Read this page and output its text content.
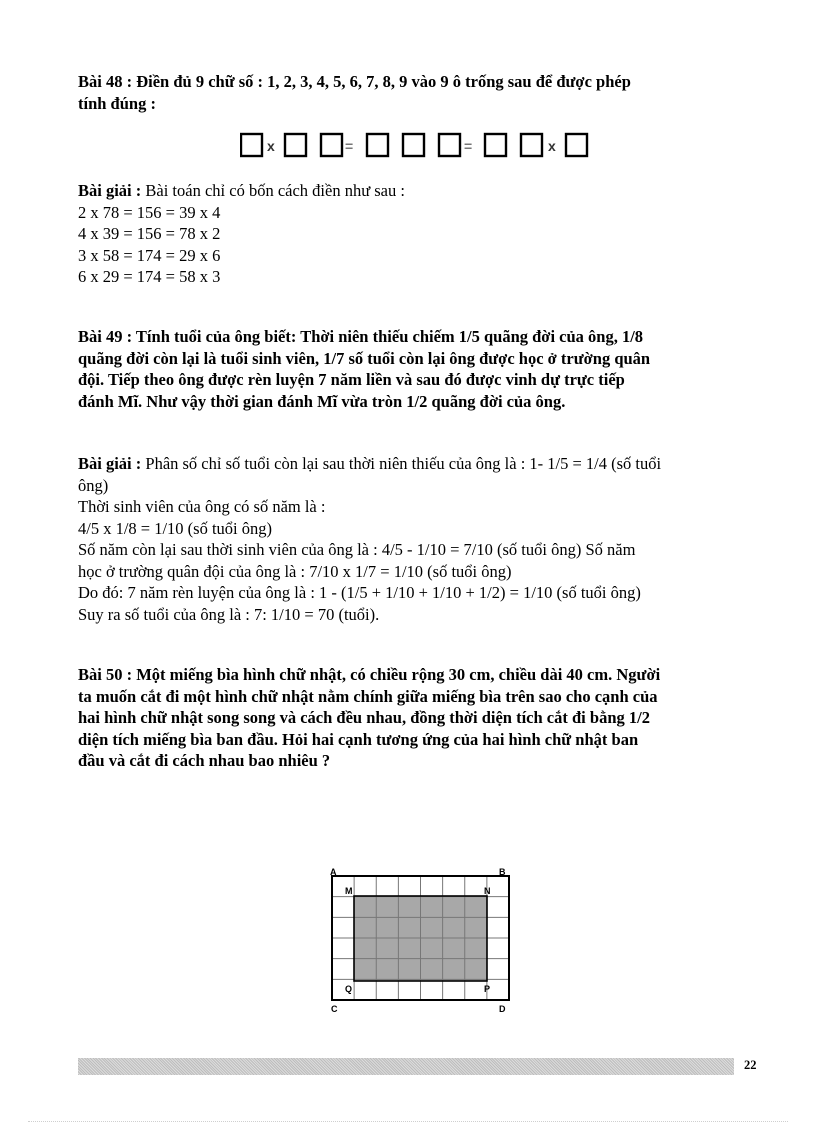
Bài 48 : Điền đủ 9 chữ số : 1, 2, 3, 4, 5, 6, 7, 8, 9 vào 9 ô trống sau để được phép
tính đúng :

x	=	=	x

Bài giải : Bài toán chỉ có bốn cách điền như sau :
2 x 78 = 156 = 39 x 4
4 x 39 = 156 = 78 x 2
3 x 58 = 174 = 29 x 6
6 x 29 = 174 = 58 x 3

Bài 49 : Tính tuổi của ông biết: Thời niên thiếu chiếm 1/5 quãng đời của ông, 1/8
quãng đời còn lại là tuổi sinh viên, 1/7 số tuổi còn lại ông được học ở trường quân
đội. Tiếp theo ông được rèn luyện 7 năm liền và sau đó được vinh dự trực tiếp
đánh Mĩ. Như vậy thời gian đánh Mĩ vừa tròn 1/2 quãng đời của ông.

Bài giải : Phân số chỉ số tuổi còn lại sau thời niên thiếu của ông là : 1- 1/5 = 1/4 (số tuổi
ông)
Thời sinh viên của ông có số năm là :
4/5 x 1/8 = 1/10 (số tuổi ông)
Số năm còn lại sau thời sinh viên của ông là : 4/5 - 1/10 = 7/10 (số tuổi ông) Số năm
học ở trường quân đội của ông là : 7/10 x 1/7 = 1/10 (số tuổi ông)
Do đó: 7 năm rèn luyện của ông là : 1 - (1/5 + 1/10 + 1/10 + 1/2) = 1/10 (số tuổi ông)
Suy ra số tuổi của ông là : 7: 1/10 = 70 (tuổi).

Bài 50 : Một miếng bìa hình chữ nhật, có chiều rộng 30 cm, chiều dài 40 cm. Người
ta muốn cắt đi một hình chữ nhật nằm chính giữa miếng bìa trên sao cho cạnh của
hai hình chữ nhật song song và cách đều nhau, đồng thời diện tích cắt đi bằng 1/2
diện tích miếng bìa ban đầu. Hỏi hai cạnh tương ứng của hai hình chữ nhật ban
đầu và cắt đi cách nhau bao nhiêu ?

A	B
C	D
M	N
P
Q
22
